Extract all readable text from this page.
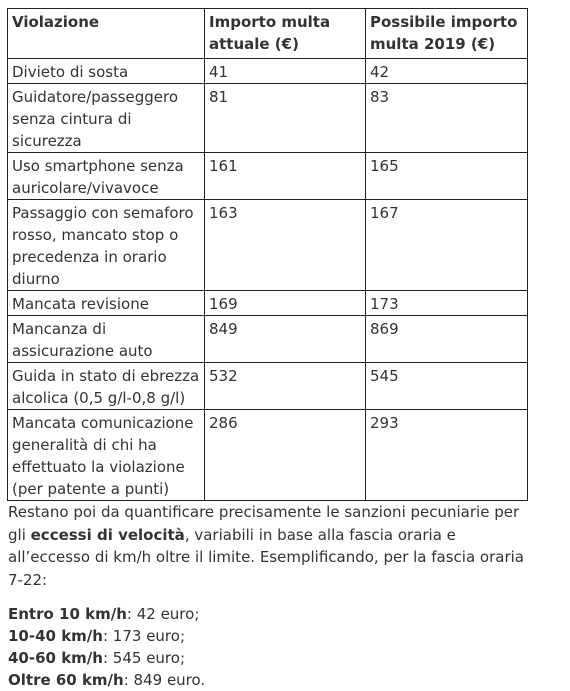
Violazione	Importo multa attuale (€)	Possibile importo multa 2019 (€)
Divieto di sosta	41	42
Guidatore/passeggero senza cintura di sicurezza	81	83
Uso smartphone senza auricolare/vivavoce	161	165
Passaggio con semaforo rosso, mancato stop o precedenza in orario diurno	163	167
Mancata revisione	169	173
Mancanza di assicurazione auto	849	869
Guida in stato di ebrezza alcolica (0,5 g/l-0,8 g/l)	532	545
Mancata comunicazione generalità di chi ha effettuato la violazione (per patente a punti)	286	293

Restano poi da quantificare precisamente le sanzioni pecuniarie per gli eccessi di velocità, variabili in base alla fascia oraria e all’eccesso di km/h oltre il limite. Esemplificando, per la fascia oraria 7-22:

Entro 10 km/h: 42 euro;
10-40 km/h: 173 euro;
40-60 km/h: 545 euro;
Oltre 60 km/h: 849 euro.
